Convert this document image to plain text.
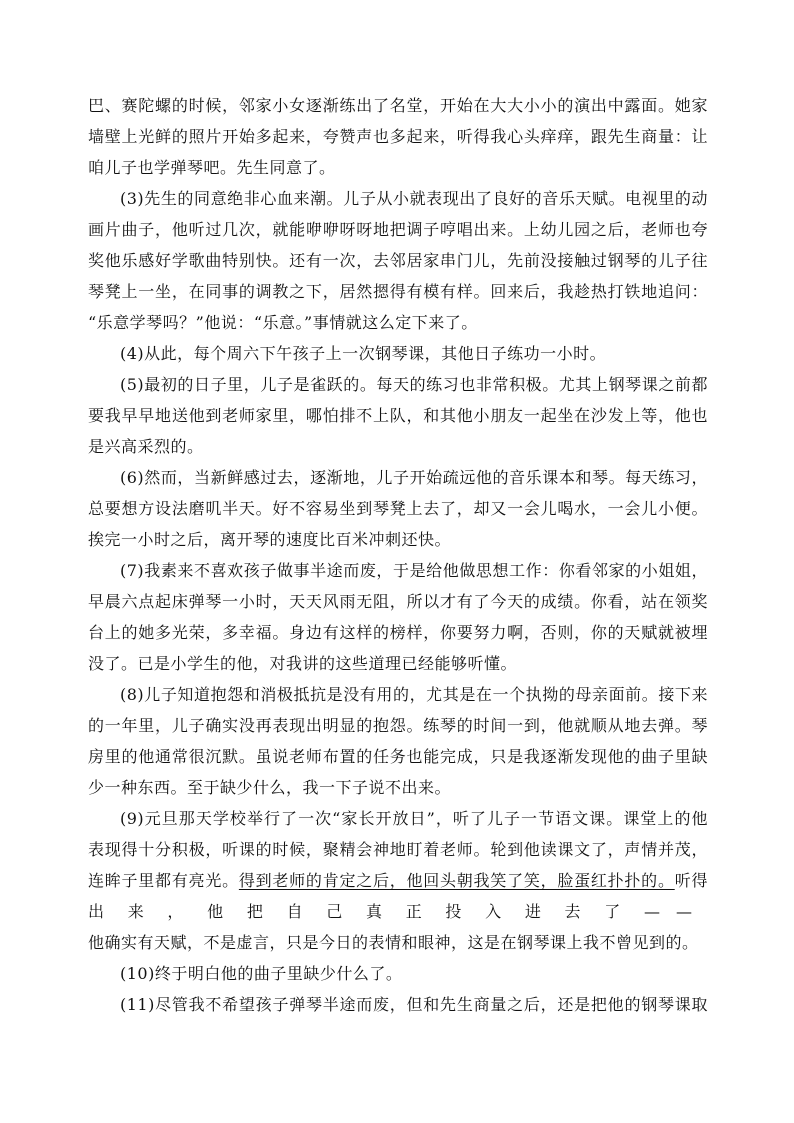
巴、赛陀螺的时候，邻家小女逐渐练出了名堂，开始在大大小小的演出中露面。她家
墙壁上光鲜的照片开始多起来，夸赞声也多起来，听得我心头痒痒，跟先生商量：让
咱儿子也学弹琴吧。先生同意了。
(3)先生的同意绝非心血来潮。儿子从小就表现出了良好的音乐天赋。电视里的动
画片曲子，他听过几次，就能咿咿呀呀地把调子哼唱出来。上幼儿园之后，老师也夸
奖他乐感好学歌曲特别快。还有一次，去邻居家串门儿，先前没接触过钢琴的儿子往
琴凳上一坐，在同事的调教之下，居然摁得有模有样。回来后，我趁热打铁地追问：
“乐意学琴吗？”他说：“乐意。”事情就这么定下来了。
(4)从此，每个周六下午孩子上一次钢琴课，其他日子练功一小时。
(5)最初的日子里，儿子是雀跃的。每天的练习也非常积极。尤其上钢琴课之前都
要我早早地送他到老师家里，哪怕排不上队，和其他小朋友一起坐在沙发上等，他也
是兴高采烈的。
(6)然而，当新鲜感过去，逐渐地，儿子开始疏远他的音乐课本和琴。每天练习，
总要想方设法磨叽半天。好不容易坐到琴凳上去了，却又一会儿喝水，一会儿小便。
挨完一小时之后，离开琴的速度比百米冲刺还快。
(7)我素来不喜欢孩子做事半途而废，于是给他做思想工作：你看邻家的小姐姐，
早晨六点起床弹琴一小时，天天风雨无阻，所以才有了今天的成绩。你看，站在领奖
台上的她多光荣，多幸福。身边有这样的榜样，你要努力啊，否则，你的天赋就被埋
没了。已是小学生的他，对我讲的这些道理已经能够听懂。
(8)儿子知道抱怨和消极抵抗是没有用的，尤其是在一个执拗的母亲面前。接下来
的一年里，儿子确实没再表现出明显的抱怨。练琴的时间一到，他就顺从地去弹。琴
房里的他通常很沉默。虽说老师布置的任务也能完成，只是我逐渐发现他的曲子里缺
少一种东西。至于缺少什么，我一下子说不出来。
(9)元旦那天学校举行了一次“家长开放日”，听了儿子一节语文课。课堂上的他
表现得十分积极，听课的时候，聚精会神地盯着老师。轮到他读课文了，声情并茂，
连眸子里都有亮光。得到老师的肯定之后，他回头朝我笑了笑，脸蛋红扑扑的。听得
出来，他把自己真正投入进去了——
他确实有天赋，不是虚言，只是今日的表情和眼神，这是在钢琴课上我不曾见到的。
(10)终于明白他的曲子里缺少什么了。
(11)尽管我不希望孩子弹琴半途而废，但和先生商量之后，还是把他的钢琴课取
